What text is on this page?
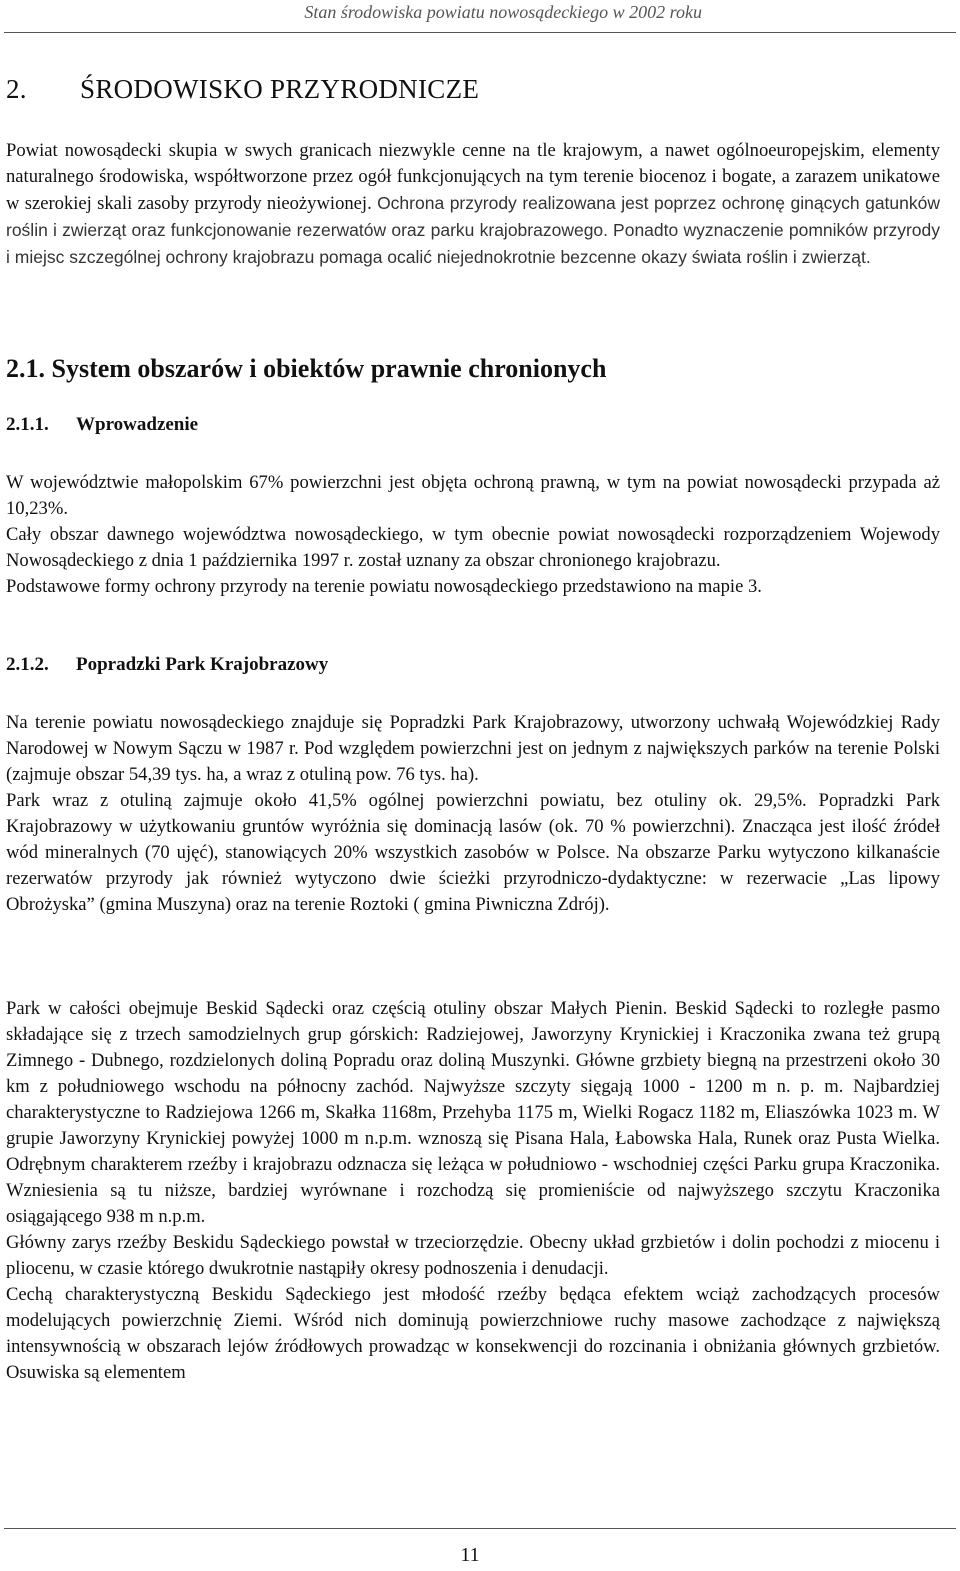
Stan środowiska powiatu nowosądeckiego w 2002 roku
2. ŚRODOWISKO PRZYRODNICZE

Powiat nowosądecki skupia w swych granicach niezwykle cenne na tle krajowym, a nawet ogólnoeuropejskim, elementy naturalnego środowiska, współtworzone przez ogół funkcjonujących na tym terenie biocenoz i bogate, a zarazem unikatowe w szerokiej skali zasoby przyrody nieożywionej. Ochrona przyrody realizowana jest poprzez ochronę ginących gatunków roślin i zwierząt oraz funkcjonowanie rezerwatów oraz parku krajobrazowego. Ponadto wyznaczenie pomników przyrody i miejsc szczególnej ochrony krajobrazu pomaga ocalić niejednokrotnie bezcenne okazy świata roślin i zwierząt.

2.1. System obszarów i obiektów prawnie chronionych
2.1.1. Wprowadzenie

W województwie małopolskim 67% powierzchni jest objęta ochroną prawną, w tym na powiat nowosądecki przypada aż 10,23%.

Cały obszar dawnego województwa nowosądeckiego, w tym obecnie powiat nowosądecki rozporządzeniem Wojewody Nowosądeckiego z dnia 1 października 1997 r. został uznany za obszar chronionego krajobrazu.

Podstawowe formy ochrony przyrody na terenie powiatu nowosądeckiego przedstawiono na mapie 3.

2.1.2. Popradzki Park Krajobrazowy

Na terenie powiatu nowosądeckiego znajduje się Popradzki Park Krajobrazowy, utworzony uchwałą Wojewódzkiej Rady Narodowej w Nowym Sączu w 1987 r. Pod względem powierzchni jest on jednym z największych parków na terenie Polski (zajmuje obszar 54,39 tys. ha, a wraz z otuliną pow. 76 tys. ha).

Park wraz z otuliną zajmuje około 41,5% ogólnej powierzchni powiatu, bez otuliny ok. 29,5%. Popradzki Park Krajobrazowy w użytkowaniu gruntów wyróżnia się dominacją lasów (ok. 70 % powierzchni). Znacząca jest ilość źródeł wód mineralnych (70 ujęć), stanowiących 20% wszystkich zasobów w Polsce. Na obszarze Parku wytyczono kilkanaście rezerwatów przyrody jak również wytyczono dwie ścieżki przyrodniczo-dydaktyczne: w rezerwacie „Las lipowy Obrożyska” (gmina Muszyna) oraz na terenie Roztoki ( gmina Piwniczna Zdrój).

Park w całości obejmuje Beskid Sądecki oraz częścią otuliny obszar Małych Pienin. Beskid Sądecki to rozległe pasmo składające się z trzech samodzielnych grup górskich: Radziejowej, Jaworzyny Krynickiej i Kraczonika zwana też grupą Zimnego - Dubnego, rozdzielonych doliną Popradu oraz doliną Muszynki. Główne grzbiety biegną na przestrzeni około 30 km z południowego wschodu na północny zachód. Najwyższe szczyty sięgają 1000 - 1200 m n. p. m. Najbardziej charakterystyczne to Radziejowa 1266 m, Skałka 1168m, Przehyba 1175 m, Wielki Rogacz 1182 m, Eliaszówka 1023 m. W grupie Jaworzyny Krynickiej powyżej 1000 m n.p.m. wznoszą się Pisana Hala, Łabowska Hala, Runek oraz Pusta Wielka. Odrębnym charakterem rzeźby i krajobrazu odznacza się leżąca w południowo - wschodniej części Parku grupa Kraczonika. Wzniesienia są tu niższe, bardziej wyrównane i rozchodzą się promieniście od najwyższego szczytu Kraczonika osiągającego 938 m n.p.m.

Główny zarys rzeźby Beskidu Sądeckiego powstał w trzeciorzędzie. Obecny układ grzbietów i dolin pochodzi z miocenu i pliocenu, w czasie którego dwukrotnie nastąpiły okresy podnoszenia i denudacji.

Cechą charakterystyczną Beskidu Sądeckiego jest młodość rzeźby będąca efektem wciąż zachodzących procesów modelujących powierzchnię Ziemi. Wśród nich dominują powierzchniowe ruchy masowe zachodzące z największą intensywnością w obszarach lejów źródłowych prowadząc w konsekwencji do rozcinania i obniżania głównych grzbietów. Osuwiska są elementem

11
